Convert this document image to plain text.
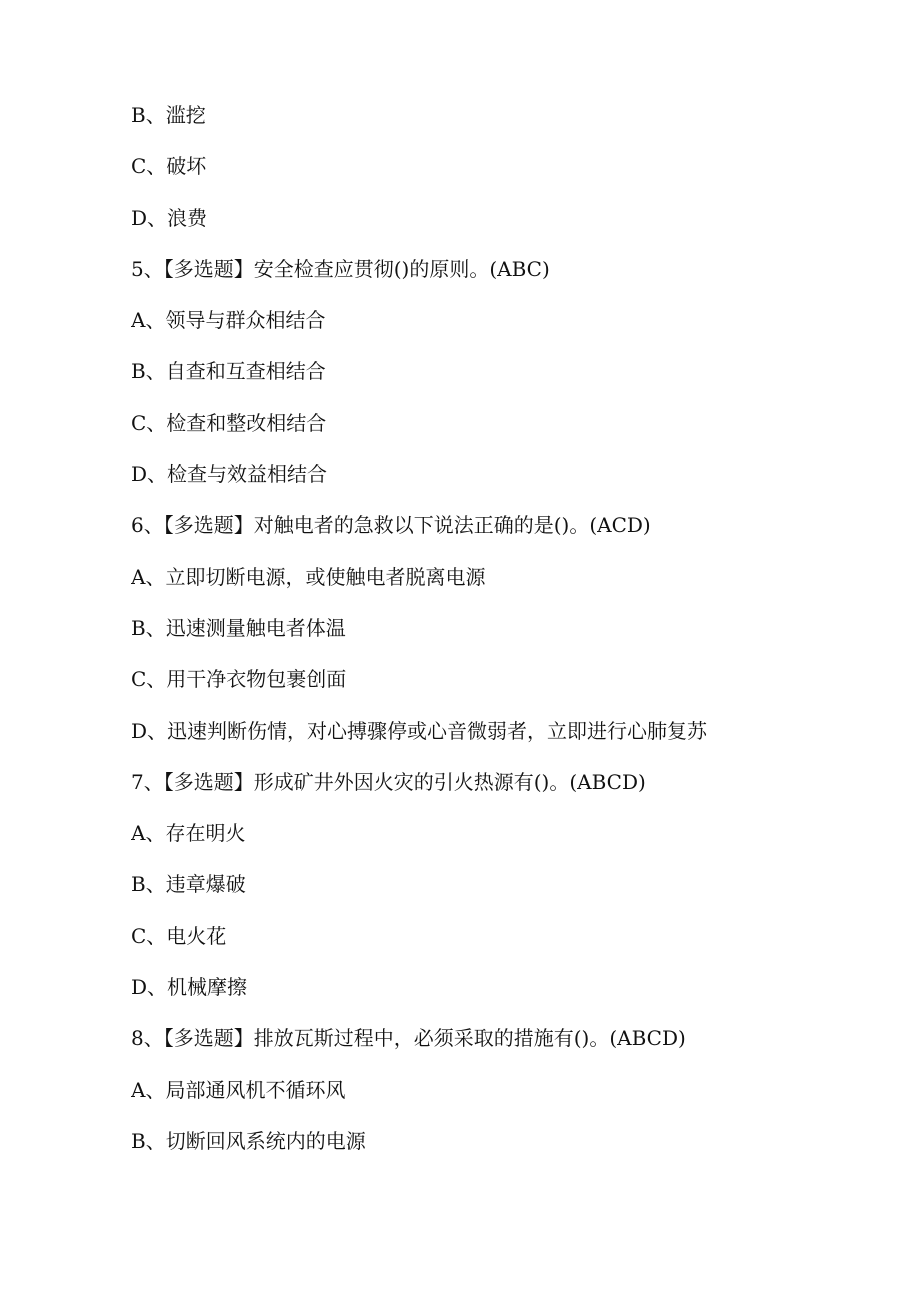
B、滥挖
C、破坏
D、浪费
5、【多选题】安全检查应贯彻()的原则。(ABC)
A、领导与群众相结合
B、自查和互查相结合
C、检查和整改相结合
D、检查与效益相结合
6、【多选题】对触电者的急救以下说法正确的是()。(ACD)
A、立即切断电源，或使触电者脱离电源
B、迅速测量触电者体温
C、用干净衣物包裹创面
D、迅速判断伤情，对心搏骤停或心音微弱者，立即进行心肺复苏
7、【多选题】形成矿井外因火灾的引火热源有()。(ABCD)
A、存在明火
B、违章爆破
C、电火花
D、机械摩擦
8、【多选题】排放瓦斯过程中，必须采取的措施有()。(ABCD)
A、局部通风机不循环风
B、切断回风系统内的电源
